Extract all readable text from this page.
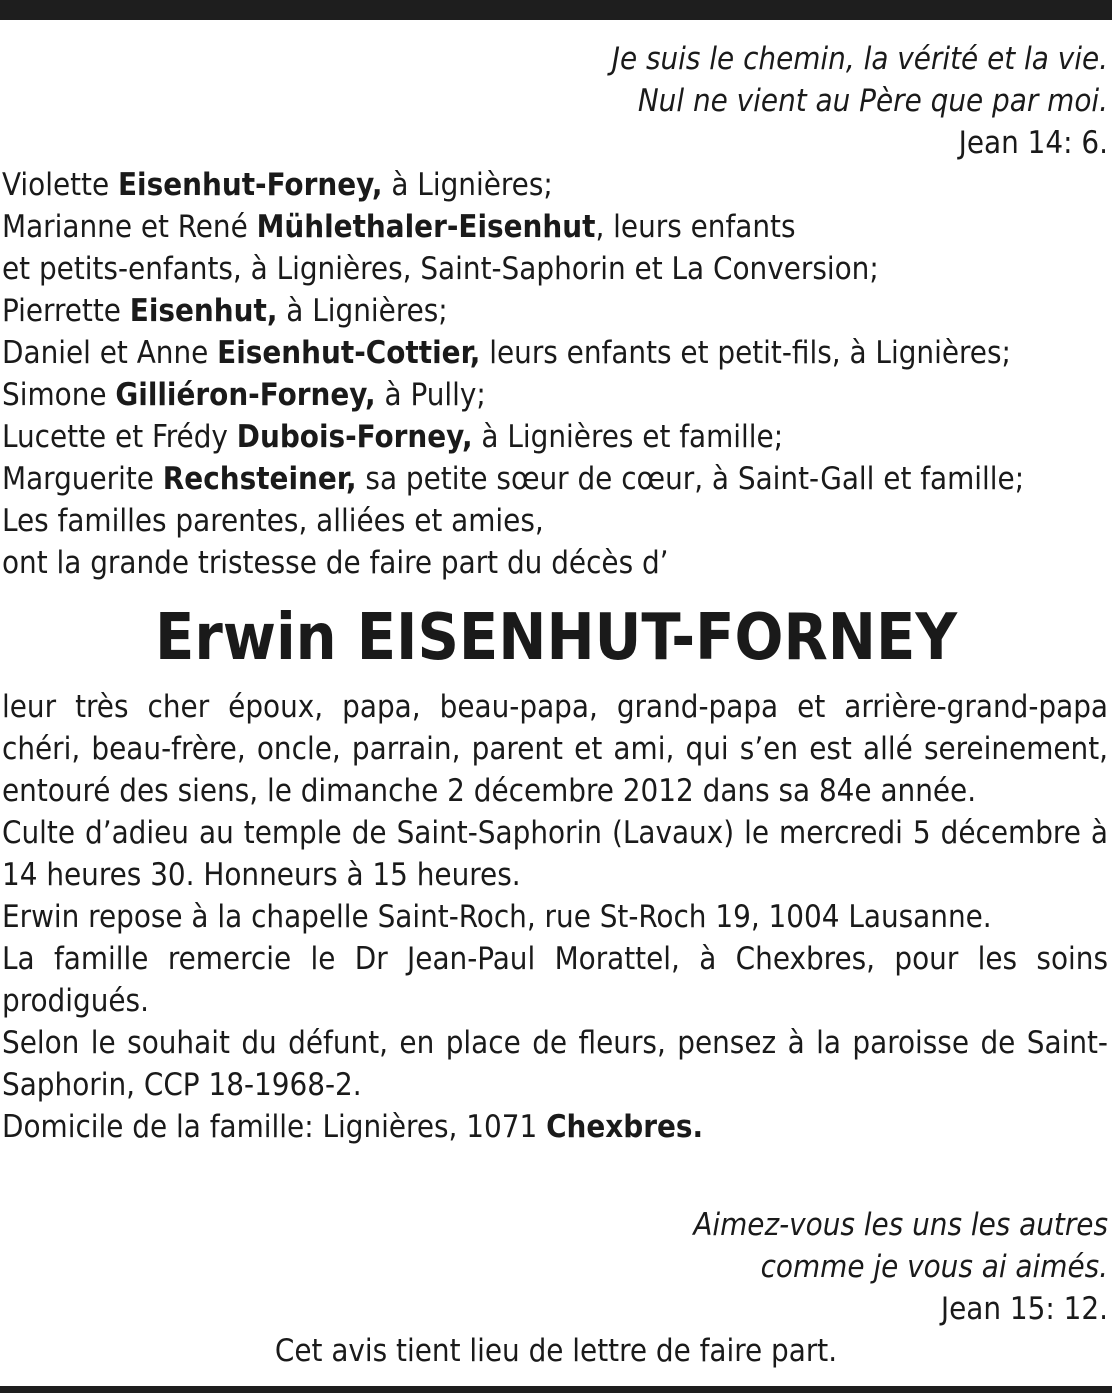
Je suis le chemin, la vérité et la vie.
Nul ne vient au Père que par moi.
Jean 14: 6.
Violette Eisenhut-Forney, à Lignières;
Marianne et René Mühlethaler-Eisenhut, leurs enfants
et petits-enfants, à Lignières, Saint-Saphorin et La Conversion;
Pierrette Eisenhut, à Lignières;
Daniel et Anne Eisenhut-Cottier, leurs enfants et petit-fils, à Lignières;
Simone Gilliéron-Forney, à Pully;
Lucette et Frédy Dubois-Forney, à Lignières et famille;
Marguerite Rechsteiner, sa petite sœur de cœur, à Saint-Gall et famille;
Les familles parentes, alliées et amies,
ont la grande tristesse de faire part du décès d’
Erwin EISENHUT-FORNEY

leur très cher époux, papa, beau-papa, grand-papa et arrière-grand-papa chéri, beau-frère, oncle, parrain, parent et ami, qui s’en est allé sereinement, entouré des siens, le dimanche 2 décembre 2012 dans sa 84e année.

Culte d’adieu au temple de Saint-Saphorin (Lavaux) le mercredi 5 décembre à 14 heures 30. Honneurs à 15 heures.

Erwin repose à la chapelle Saint-Roch, rue St-Roch 19, 1004 Lausanne.

La famille remercie le Dr Jean-Paul Morattel, à Chexbres, pour les soins prodigués.

Selon le souhait du défunt, en place de fleurs, pensez à la paroisse de Saint-Saphorin, CCP 18-1968-2.

Domicile de la famille: Lignières, 1071 Chexbres.

Aimez-vous les uns les autres
comme je vous ai aimés.
Jean 15: 12.
Cet avis tient lieu de lettre de faire part.
